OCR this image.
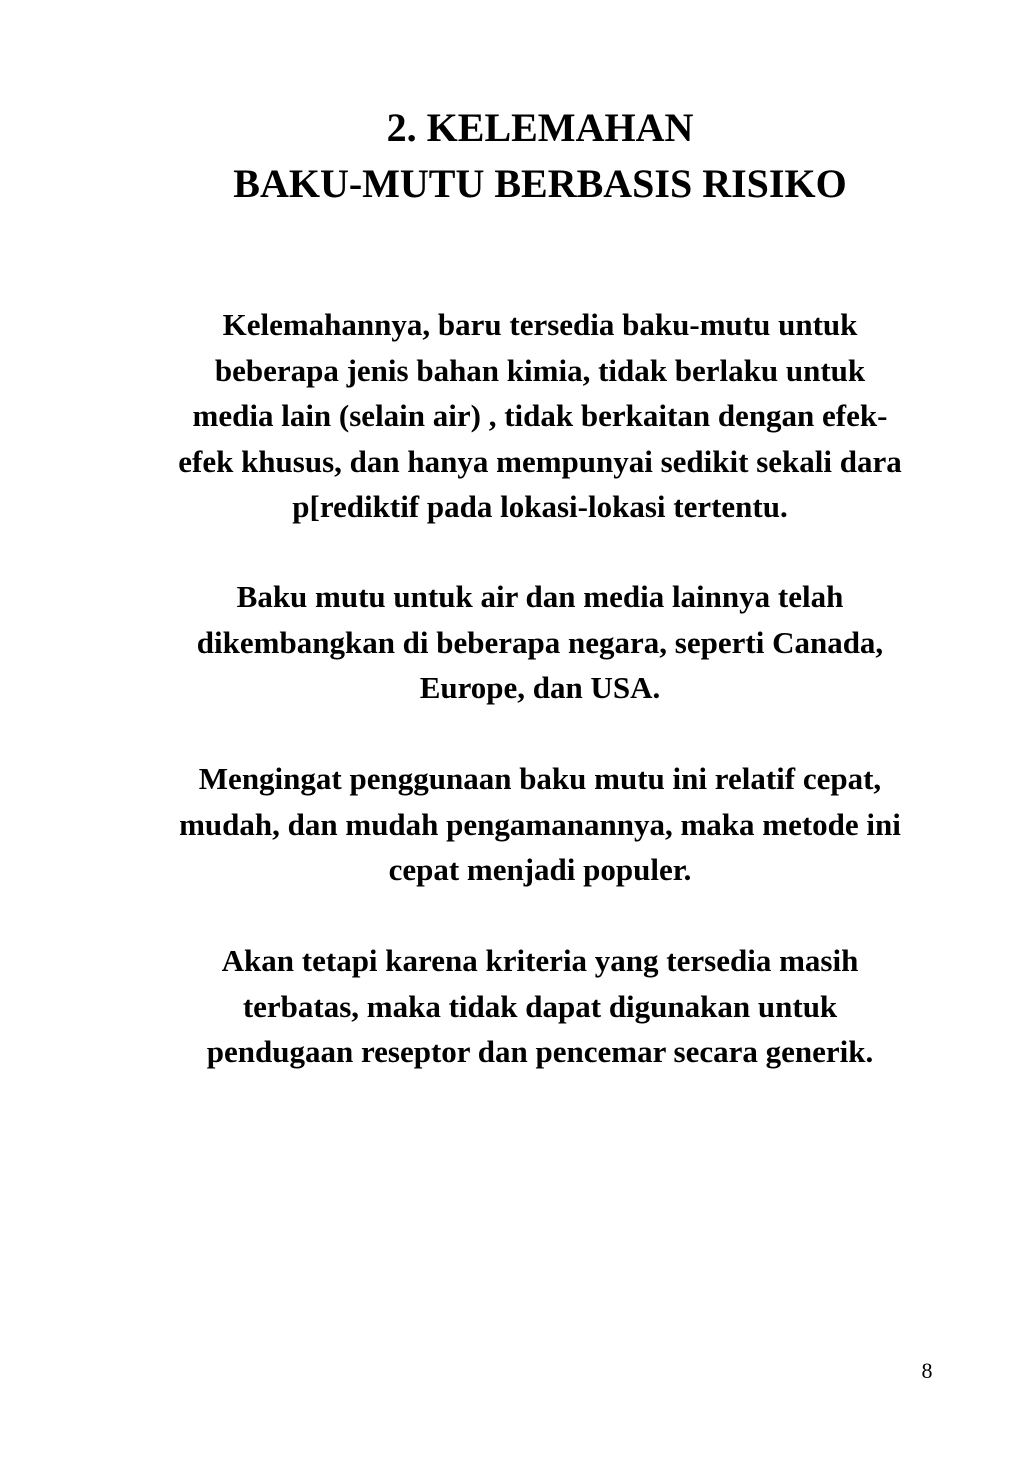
2. KELEMAHAN
BAKU-MUTU BERBASIS RISIKO
Kelemahannya, baru tersedia baku-mutu untuk
beberapa jenis bahan kimia, tidak berlaku untuk
media lain (selain air) , tidak berkaitan dengan efek-
efek khusus, dan hanya mempunyai sedikit sekali dara
p[rediktif pada lokasi-lokasi tertentu.
Baku mutu untuk air dan media lainnya telah
dikembangkan di beberapa negara, seperti Canada,
Europe, dan USA.
Mengingat penggunaan baku mutu ini relatif cepat,
mudah, dan mudah pengamanannya, maka metode ini
cepat menjadi populer.
Akan tetapi karena kriteria yang tersedia masih
terbatas, maka tidak dapat digunakan untuk
pendugaan reseptor dan pencemar secara generik.
8
